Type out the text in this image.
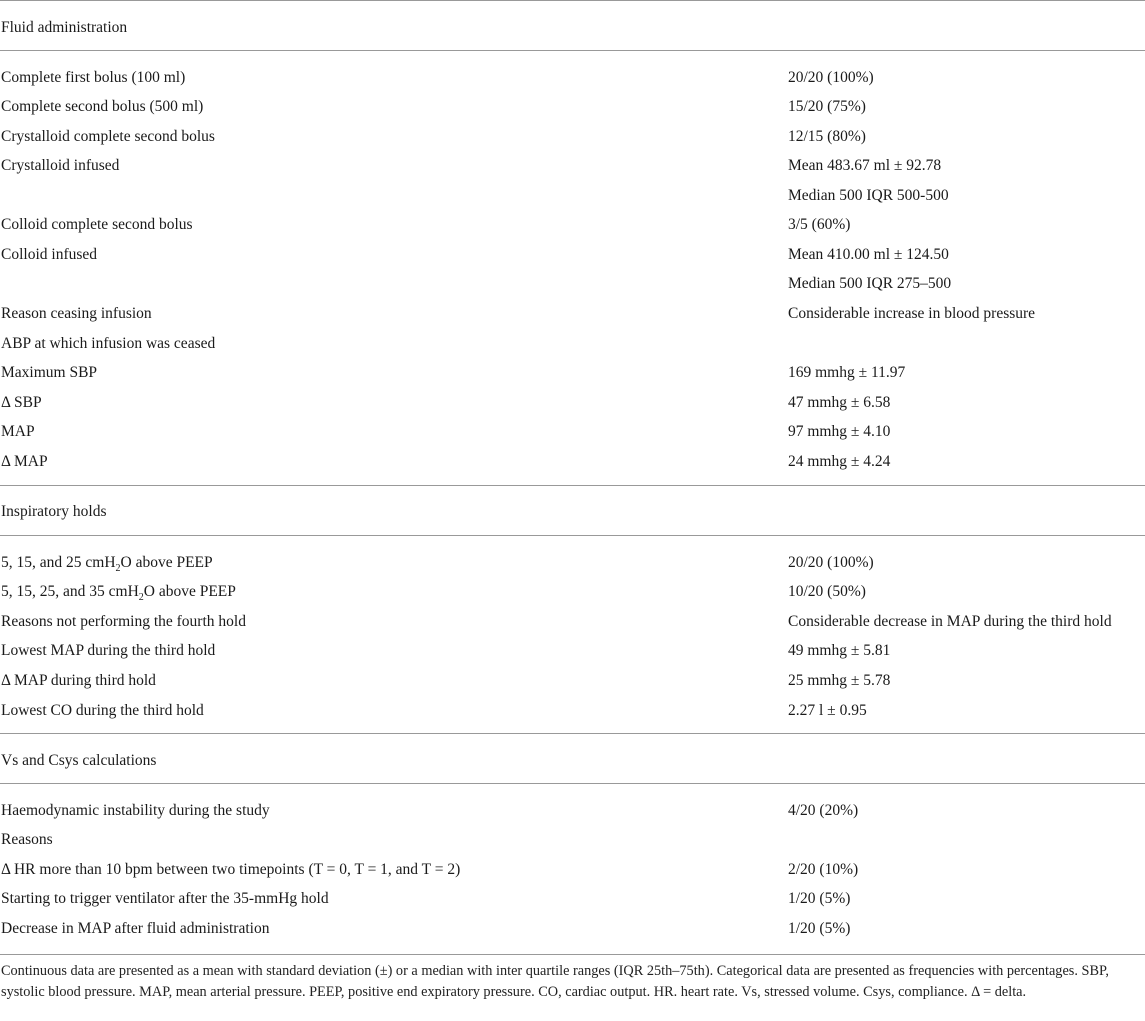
Fluid administration
Complete first bolus (100 ml)	20/20 (100%)
Complete second bolus (500 ml)	15/20 (75%)
Crystalloid complete second bolus	12/15 (80%)
Crystalloid infused	Mean 483.67 ml ± 92.78
Median 500 IQR 500-500
Colloid complete second bolus	3/5 (60%)
Colloid infused	Mean 410.00 ml ± 124.50
Median 500 IQR 275–500
Reason ceasing infusion	Considerable increase in blood pressure
ABP at which infusion was ceased
Maximum SBP	169 mmhg ± 11.97
Δ SBP	47 mmhg ± 6.58
MAP	97 mmhg ± 4.10
Δ MAP	24 mmhg ± 4.24
Inspiratory holds
5, 15, and 25 cmH$_2$O above PEEP	20/20 (100%)
5, 15, 25, and 35 cmH$_2$O above PEEP	10/20 (50%)
Reasons not performing the fourth hold	Considerable decrease in MAP during the third hold
Lowest MAP during the third hold	49 mmhg ± 5.81
Δ MAP during third hold	25 mmhg ± 5.78
Lowest CO during the third hold	2.27 l ± 0.95
Vs and Csys calculations
Haemodynamic instability during the study	4/20 (20%)
Reasons
Δ HR more than 10 bpm between two timepoints (T = 0, T = 1, and T = 2)	2/20 (10%)
Starting to trigger ventilator after the 35-mmHg hold	1/20 (5%)
Decrease in MAP after fluid administration	1/20 (5%)
Continuous data are presented as a mean with standard deviation (±) or a median with inter quartile ranges (IQR 25th–75th). Categorical data are presented as frequencies with percentages. SBP, systolic blood pressure. MAP, mean arterial pressure. PEEP, positive end expiratory pressure. CO, cardiac output. HR. heart rate. Vs, stressed volume. Csys, compliance. Δ = delta.
